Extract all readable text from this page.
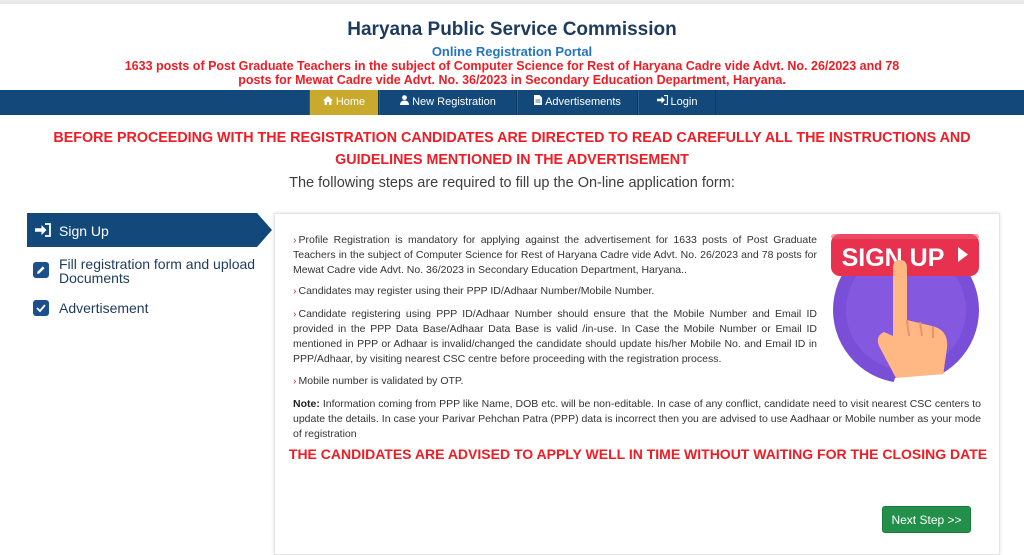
Haryana Public Service Commission
Online Registration Portal
1633 posts of Post Graduate Teachers in the subject of Computer Science for Rest of Haryana Cadre vide Advt. No. 26/2023 and 78 posts for Mewat Cadre vide Advt. No. 36/2023 in Secondary Education Department, Haryana.
Home	New Registration	Advertisements	Login
BEFORE PROCEEDING WITH THE REGISTRATION CANDIDATES ARE DIRECTED TO READ CAREFULLY ALL THE INSTRUCTIONS AND GUIDELINES MENTIONED IN THE ADVERTISEMENT
The following steps are required to fill up the On-line application form:
Sign Up
Fill registration form and upload Documents
Advertisement
› Profile Registration is mandatory for applying against the advertisement for 1633 posts of Post Graduate Teachers in the subject of Computer Science for Rest of Haryana Cadre vide Advt. No. 26/2023 and 78 posts for Mewat Cadre vide Advt. No. 36/2023 in Secondary Education Department, Haryana..
› Candidates may register using their PPP ID/Adhaar Number/Mobile Number.
› Candidate registering using PPP ID/Adhaar Number should ensure that the Mobile Number and Email ID provided in the PPP Data Base/Adhaar Data Base is valid /in-use. In Case the Mobile Number or Email ID mentioned in PPP or Adhaar is invalid/changed the candidate should update his/her Mobile No. and Email ID in PPP/Adhaar, by visiting nearest CSC centre before proceeding with the registration process.
› Mobile number is validated by OTP.
Note: Information coming from PPP like Name, DOB etc. will be non-editable. In case of any conflict, candidate need to visit nearest CSC centers to update the details. In case your Parivar Pehchan Patra (PPP) data is incorrect then you are advised to use Aadhaar or Mobile number as your mode of registration
THE CANDIDATES ARE ADVISED TO APPLY WELL IN TIME WITHOUT WAITING FOR THE CLOSING DATE
Next Step >>
SIGN UP
